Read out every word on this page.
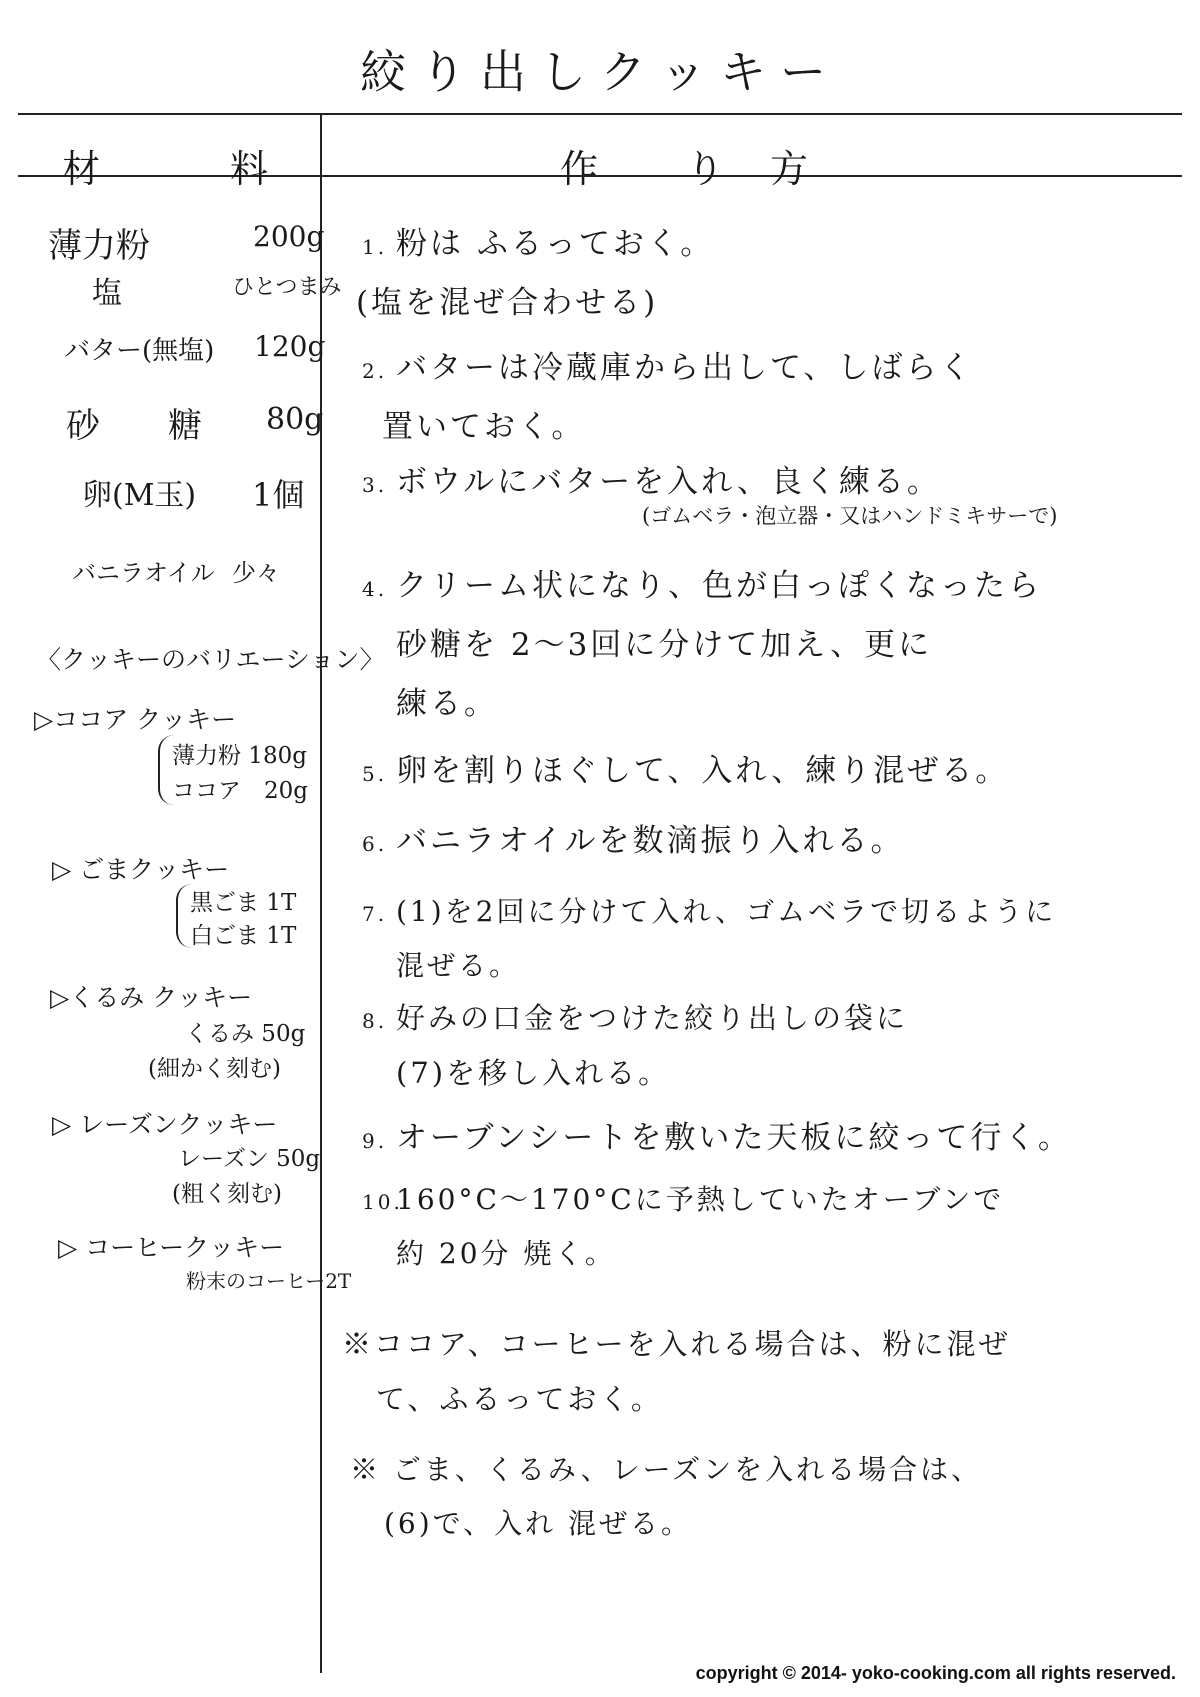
絞り出しクッキー
材　　　料	作　　り　方
薄力粉	200g
塩	ひとつまみ
バター(無塩) 120g
砂　　糖 80g
卵(M玉) 1個
バニラオイル 少々
〈クッキーのバリエーション〉
▷ココア クッキー
薄力粉 180g
ココア　20g
▷ ごまクッキー
黒ごま 1T
白ごま 1T
▷くるみ クッキー
くるみ 50g
(細かく刻む)
▷ レーズンクッキー
レーズン 50g
(粗く刻む)
▷ コーヒークッキー
粉末のコーヒー2T
1. 粉は ふるっておく。
(塩を混ぜ合わせる)
2. バターは冷蔵庫から出して、しばらく
置いておく。
3. ボウルにバターを入れ、良く練る。
(ゴムベラ・泡立器・又はハンドミキサーで)
4. クリーム状になり、色が白っぽくなったら
砂糖を 2〜3回に分けて加え、更に
練る。
5. 卵を割りほぐして、入れ、練り混ぜる。
6. バニラオイルを数滴振り入れる。
7. (1)を2回に分けて入れ、ゴムベラで切るように
混ぜる。
8. 好みの口金をつけた絞り出しの袋に
(7)を移し入れる。
9. オーブンシートを敷いた天板に絞って行く。
10.160°C〜170°Cに予熱していたオーブンで
約 20分 焼く。
※ココア、コーヒーを入れる場合は、粉に混ぜ
て、ふるっておく。
※ ごま、くるみ、レーズンを入れる場合は、
(6)で、入れ 混ぜる。
copyright © 2014- yoko-cooking.com all rights reserved.
